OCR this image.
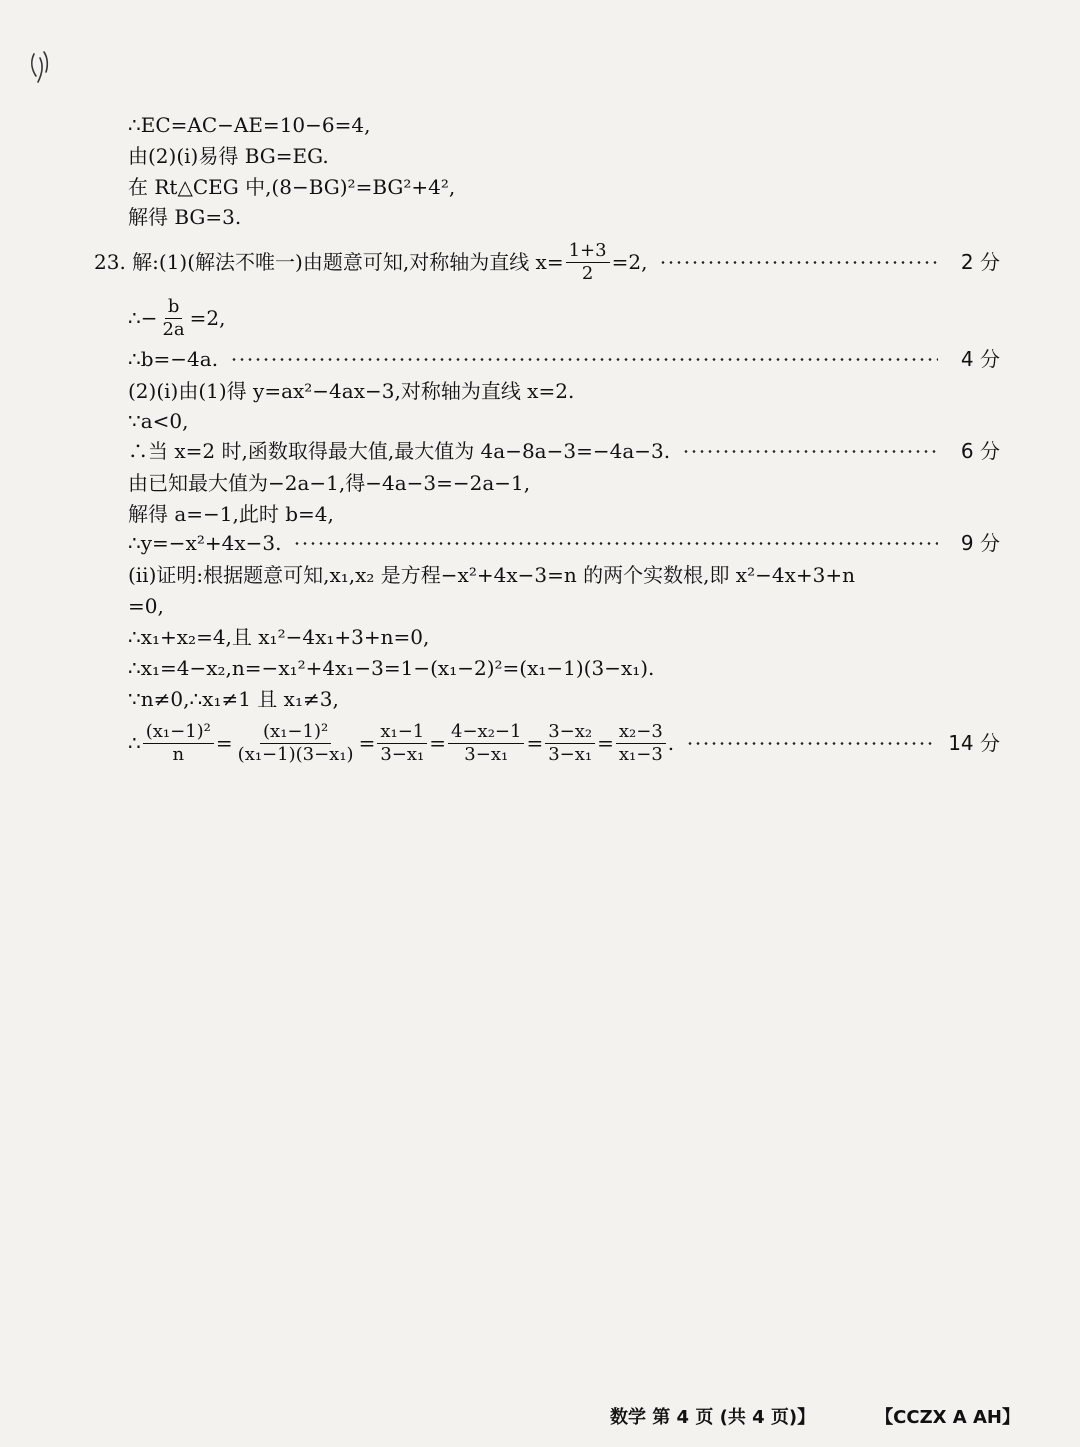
∴EC=AC−AE=10−6=4,
由(2)(ⅰ)易得 BG=EG.
在 Rt△CEG 中,(8−BG)²=BG²+4²,
解得 BG=3.
23. 解:(1)(解法不唯一)由题意可知,对称轴为直线 $x= \frac{1+3}{2} =2$,	2 分
∴− $\frac{b}{2a} =2$,
∴b=−4a.	4 分
(2)(ⅰ)由(1)得 y=ax²−4ax−3,对称轴为直线 x=2.
∵a<0,
∴当 x=2 时,函数取得最大值,最大值为 4a−8a−3=−4a−3.	6 分
由已知最大值为−2a−1,得−4a−3=−2a−1,
解得 a=−1,此时 b=4,
∴y=−x²+4x−3.	9 分
(ⅱ)证明:根据题意可知,x₁,x₂ 是方程−x²+4x−3=n 的两个实数根,即 x²−4x+3+n
=0,
∴x₁+x₂=4,且 x₁²−4x₁+3+n=0,
∴x₁=4−x₂,n=−x₁²+4x₁−3=1−(x₁−2)²=(x₁−1)(3−x₁).
∵n≠0,∴x₁≠1 且 x₁≠3,
∴ $\frac{\text{(x₁−1)²}}{n} = \frac{\text{(x₁−1)²}}{\text{(x₁−1)(3−x₁)}} = \frac{\text{x₁−1}}{\text{3−x₁}} = \frac{\text{4−x₂−1}}{\text{3−x₁}} = \frac{\text{3−x₂}}{\text{3−x₁}} = \frac{\text{x₂−3}}{\text{x₁−3}}$ .	14 分
数学 第 4 页 (共 4 页)】	【CCZX A AH】
